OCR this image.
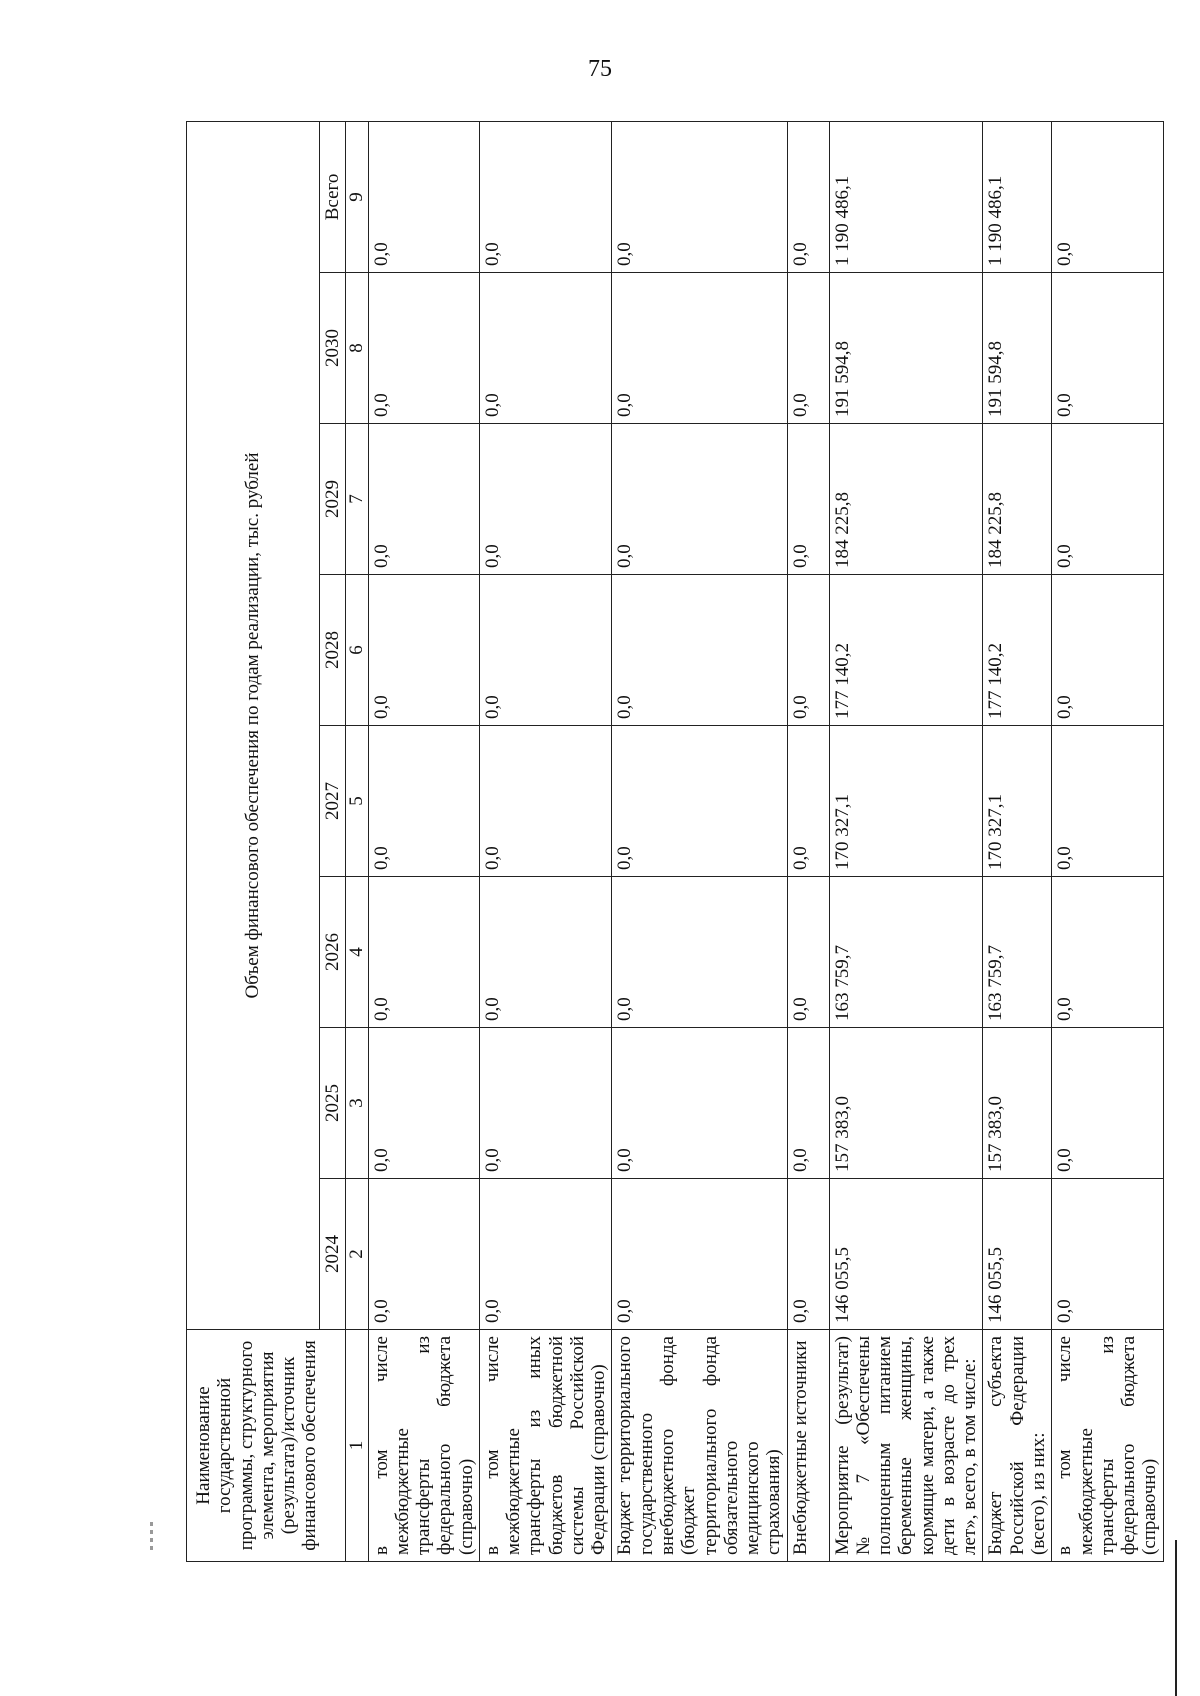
75
Наименование государственной программы, структурного элемента, мероприятия (результата)/источник финансового обеспечения	Объем финансового обеспечения по годам реализации, тыс. рублей							
	2024	2025	2026	2027	2028	2029	2030	Всего
1	2	3	4	5	6	7	8	9
в том числе межбюджетные трансферты из федерального бюджета (справочно)	0,0	0,0	0,0	0,0	0,0	0,0	0,0	0,0
в том числе межбюджетные трансферты из иных бюджетов бюджетной системы Российской Федерации (справочно)	0,0	0,0	0,0	0,0	0,0	0,0	0,0	0,0
Бюджет территориального государственного внебюджетного фонда (бюджет территориального фонда обязательного медицинского страхования)	0,0	0,0	0,0	0,0	0,0	0,0	0,0	0,0
Внебюджетные источники	0,0	0,0	0,0	0,0	0,0	0,0	0,0	0,0
Мероприятие (результат) № 7 «Обеспечены полноценным питанием беременные женщины, кормящие матери, а также дети в возрасте до трех лет», всего, в том числе:	146 055,5	157 383,0	163 759,7	170 327,1	177 140,2	184 225,8	191 594,8	1 190 486,1
Бюджет субъекта Российской Федерации (всего), из них:	146 055,5	157 383,0	163 759,7	170 327,1	177 140,2	184 225,8	191 594,8	1 190 486,1
в том числе межбюджетные трансферты из федерального бюджета (справочно)	0,0	0,0	0,0	0,0	0,0	0,0	0,0	0,0
